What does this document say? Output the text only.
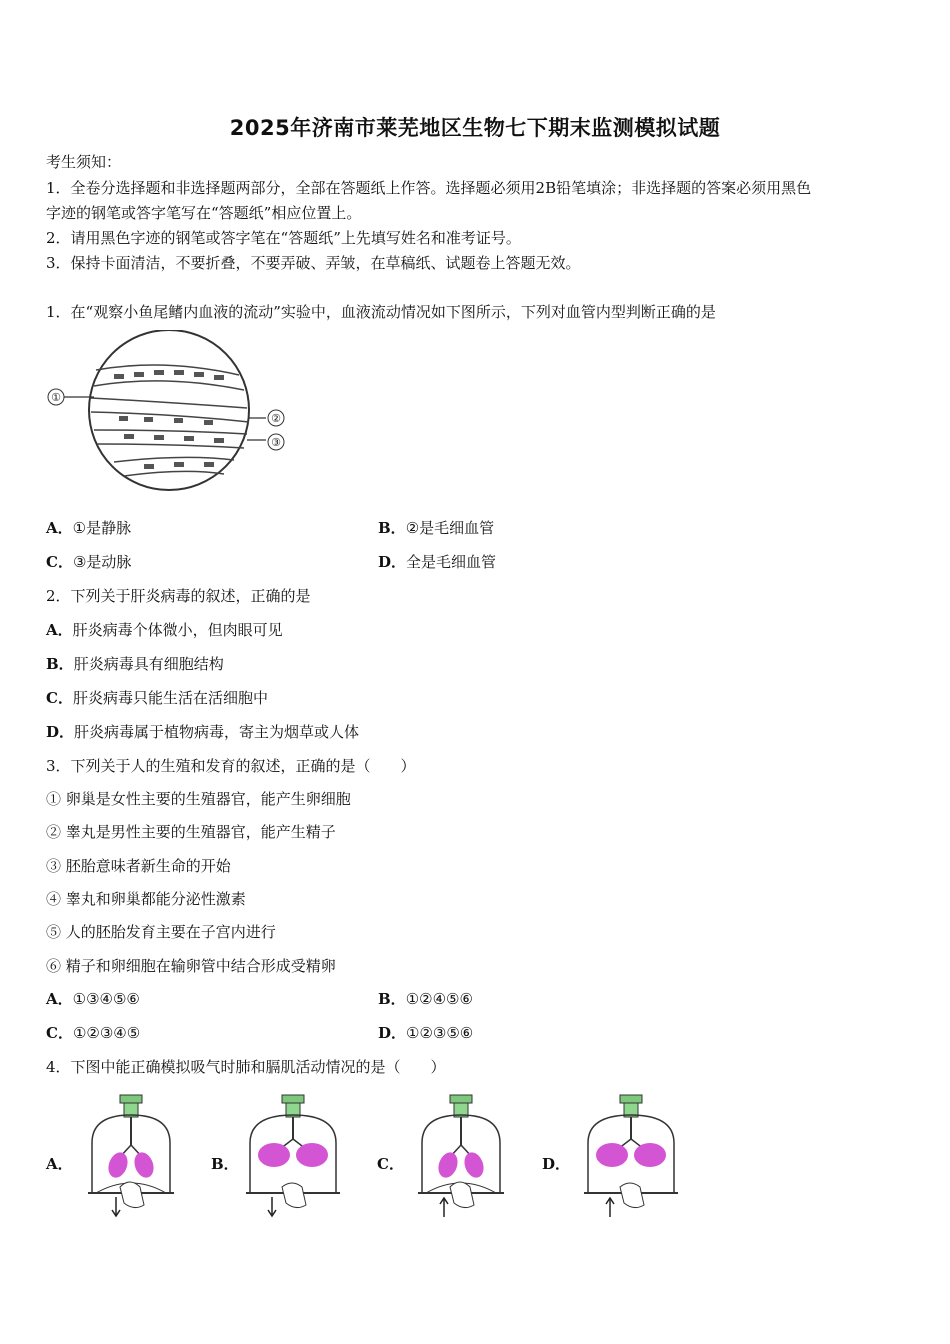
2025年济南市莱芜地区生物七下期末监测模拟试题
考生须知：
1．全卷分选择题和非选择题两部分，全部在答题纸上作答。选择题必须用2B铅笔填涂；非选择题的答案必须用黑色
字迹的钢笔或答字笔写在“答题纸”相应位置上。
2．请用黑色字迹的钢笔或答字笔在“答题纸”上先填写姓名和准考证号。
3．保持卡面清洁，不要折叠，不要弄破、弄皱，在草稿纸、试题卷上答题无效。
1．在“观察小鱼尾鳍内血液的流动”实验中，血液流动情况如下图所示，下列对血管内型判断正确的是
①
②
③
A．①是静脉	B．②是毛细血管
C．③是动脉	D．全是毛细血管
2．下列关于肝炎病毒的叙述，正确的是
A．肝炎病毒个体微小，但肉眼可见
B．肝炎病毒具有细胞结构
C．肝炎病毒只能生活在活细胞中
D．肝炎病毒属于植物病毒，寄主为烟草或人体
3．下列关于人的生殖和发育的叙述，正确的是（　　）
① 卵巢是女性主要的生殖器官，能产生卵细胞
② 睾丸是男性主要的生殖器官，能产生精子
③ 胚胎意味者新生命的开始
④ 睾丸和卵巢都能分泌性激素
⑤ 人的胚胎发育主要在子宫内进行
⑥ 精子和卵细胞在输卵管中结合形成受精卵
A．①③④⑤⑥	B．①②④⑤⑥
C．①②③④⑤	D．①②③⑤⑥
4．下图中能正确模拟吸气时肺和膈肌活动情况的是（　　）
A．	B．	C．	D．
